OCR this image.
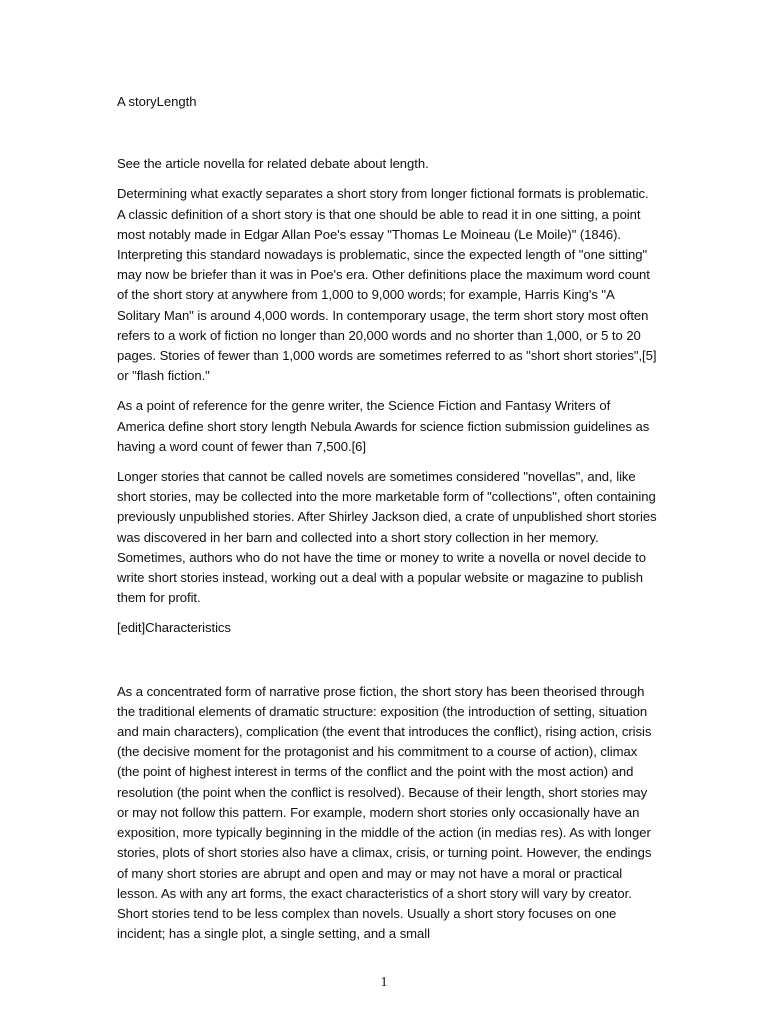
A storyLength

See the article novella for related debate about length.

Determining what exactly separates a short story from longer fictional formats is problematic. A classic definition of a short story is that one should be able to read it in one sitting, a point most notably made in Edgar Allan Poe's essay "Thomas Le Moineau (Le Moile)" (1846). Interpreting this standard nowadays is problematic, since the expected length of "one sitting" may now be briefer than it was in Poe's era. Other definitions place the maximum word count of the short story at anywhere from 1,000 to 9,000 words; for example, Harris King's "A Solitary Man" is around 4,000 words. In contemporary usage, the term short story most often refers to a work of fiction no longer than 20,000 words and no shorter than 1,000, or 5 to 20 pages. Stories of fewer than 1,000 words are sometimes referred to as "short short stories",[5] or "flash fiction."

As a point of reference for the genre writer, the Science Fiction and Fantasy Writers of America define short story length Nebula Awards for science fiction submission guidelines as having a word count of fewer than 7,500.[6]

Longer stories that cannot be called novels are sometimes considered "novellas", and, like short stories, may be collected into the more marketable form of "collections", often containing previously unpublished stories. After Shirley Jackson died, a crate of unpublished short stories was discovered in her barn and collected into a short story collection in her memory. Sometimes, authors who do not have the time or money to write a novella or novel decide to write short stories instead, working out a deal with a popular website or magazine to publish them for profit.

[edit]Characteristics

As a concentrated form of narrative prose fiction, the short story has been theorised through the traditional elements of dramatic structure: exposition (the introduction of setting, situation and main characters), complication (the event that introduces the conflict), rising action, crisis (the decisive moment for the protagonist and his commitment to a course of action), climax (the point of highest interest in terms of the conflict and the point with the most action) and resolution (the point when the conflict is resolved). Because of their length, short stories may or may not follow this pattern. For example, modern short stories only occasionally have an exposition, more typically beginning in the middle of the action (in medias res). As with longer stories, plots of short stories also have a climax, crisis, or turning point. However, the endings of many short stories are abrupt and open and may or may not have a moral or practical lesson. As with any art forms, the exact characteristics of a short story will vary by creator. Short stories tend to be less complex than novels. Usually a short story focuses on one incident; has a single plot, a single setting, and a small

1
